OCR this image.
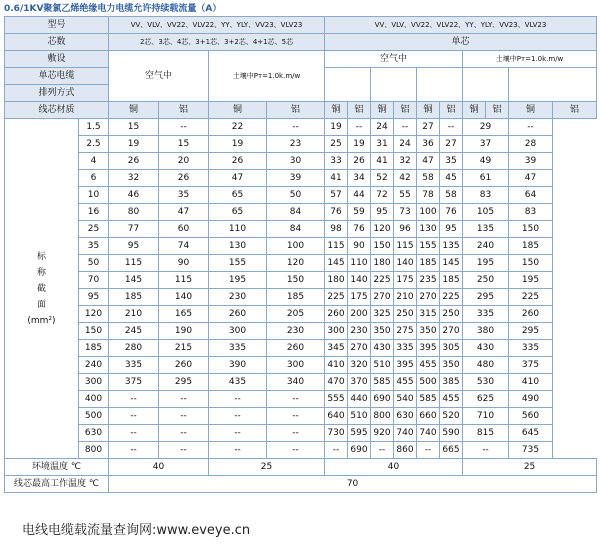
0.6/1KV聚氯乙烯绝缘电力电缆允许持续载流量（A）
型号		VV、VLV、VV22、VLV22、YY、YLY、VV23、VLV23				VV、VLV、VV22、VLV22、YY、YLY、VV23、VLV23									
芯数		2芯、3芯、4芯、3+1芯、3+2芯、4+1芯、5芯				单芯									
敷设		空气中		土壤中Pт=1.0k.m/w		空气中						土壤中Pт=1.0k.m/w			
单芯电缆															
排列方式															
线芯材质		铜	铝	铜	铝	铜	铝	铜	铝	铜	铝	铜	铝	铜	铝

标
称
截
面
(mm²)	1.5	15	--	22	--	19	--	24	--	27	--	29		--	
	2.5	19	15	19	23	25	19	31	24	36	27	37		28	
	4	26	20	26	30	33	26	41	32	47	35	49		39	
	6	32	26	47	39	41	34	52	42	58	45	61		47	
	10	46	35	65	50	57	44	72	55	78	58	83		64	
	16	80	47	65	84	76	59	95	73	100	76	105		83	
	25	77	60	110	84	98	76	120	96	130	95	135		150	
	35	95	74	130	100	115	90	150	115	155	135	240		185	
	50	115	90	155	120	145	110	180	140	185	145	195		150	
	70	145	115	195	150	180	140	225	175	235	185	250		195	
	95	185	140	230	185	225	175	270	210	270	225	295		225	
	120	210	165	260	205	260	200	325	250	315	250	335		260	
	150	245	190	300	230	300	230	350	275	350	270	380		295	
	185	280	215	335	260	345	270	430	335	395	305	430		335	
	240	335	260	390	300	410	320	510	395	455	350	480		375	
	300	375	295	435	340	470	370	585	455	500	385	530		410	
	400	--	--	--	--	555	440	690	540	585	455	625		490	
	500	--	--	--	--	640	510	800	630	660	520	710		560	
	630	--	--	--	--	730	595	920	740	740	590	815		645	
	800	--	--	--	--	--	690	--	860	--	665	--		735	
环境温度 ℃		40		25		40						25			
线芯最高工作温度 ℃		70													
电线电缆载流量查询网:www.eveye.cn
